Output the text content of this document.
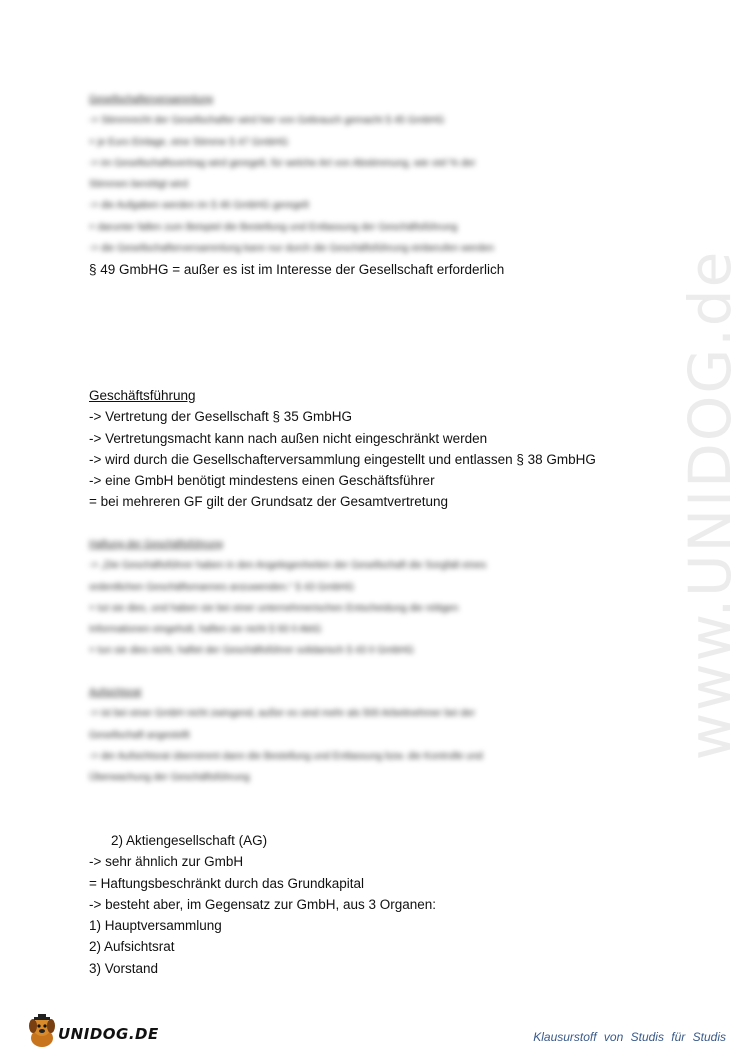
www.UNIDOG.de
Gesellschafterversammlung
-> Stimmrecht der Gesellschafter wird hier von Gebrauch gemacht § 45 GmbHG
= je Euro Einlage, eine Stimme § 47 GmbHG
-> im Gesellschaftsvertrag wird geregelt, für welche Art von Abstimmung, wie viel % der
Stimmen benötigt wird
-> die Aufgaben werden im § 46 GmbHG geregelt
= darunter fallen zum Beispiel die Bestellung und Entlassung der Geschäftsführung
-> die Gesellschafterversammlung kann nur durch die Geschäftsführung einberufen werden
§ 49 GmbHG = außer es ist im Interesse der Gesellschaft erforderlich
Geschäftsführung
-> Vertretung der Gesellschaft § 35 GmbHG
-> Vertretungsmacht kann nach außen nicht eingeschränkt werden
-> wird durch die Gesellschafterversammlung eingestellt und entlassen § 38 GmbHG
-> eine GmbH benötigt mindestens einen Geschäftsführer
= bei mehreren GF gilt der Grundsatz der Gesamtvertretung
Haftung der Geschäftsführung
-> „Die Geschäftsführer haben in den Angelegenheiten der Gesellschaft die Sorgfalt eines
ordentlichen Geschäftsmannes anzuwenden.“ § 43 GmbHG
= tut sie dies, und haben sie bei einer unternehmerischen Entscheidung die nötigen
Informationen eingeholt, haften sie nicht § 93 II AktG
= tun sie dies nicht, haftet der Geschäftsführer solidarisch § 43 II GmbHG
Aufsichtsrat
-> ist bei einer GmbH nicht zwingend, außer es sind mehr als 500 Arbeitnehmer bei der
Gesellschaft angestellt
-> der Aufsichtsrat übernimmt dann die Bestellung und Entlassung bzw. die Kontrolle und
Überwachung der Geschäftsführung
2) Aktiengesellschaft (AG)
-> sehr ähnlich zur GmbH
= Haftungsbeschränkt durch das Grundkapital
-> besteht aber, im Gegensatz zur GmbH, aus 3 Organen:
1) Hauptversammlung
2) Aufsichtsrat
3) Vorstand
UNIDOG.DE	Klausurstoff von Studis für Studis
